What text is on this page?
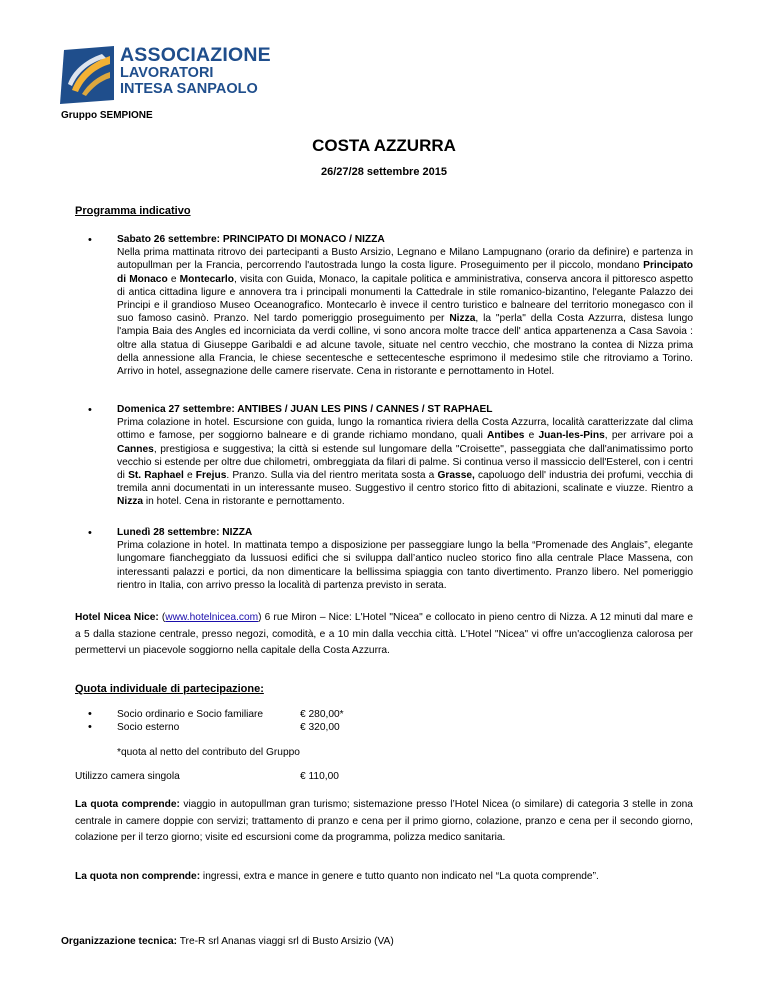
ASSOCIAZIONE
LAVORATORI
INTESA SANPAOLO
Gruppo SEMPIONE
COSTA AZZURRA
26/27/28 settembre 2015
Programma indicativo
• Sabato 26 settembre: PRINCIPATO DI MONACO / NIZZA
Nella prima mattinata ritrovo dei partecipanti a Busto Arsizio, Legnano e Milano Lampugnano (orario da definire) e partenza in autopullman per la Francia, percorrendo l'autostrada lungo la costa ligure. Proseguimento per il piccolo, mondano Principato di Monaco e Montecarlo, visita con Guida, Monaco, la capitale politica e amministrativa, conserva ancora il pittoresco aspetto di antica cittadina ligure e annovera tra i principali monumenti la Cattedrale in stile romanico-bizantino, l'elegante Palazzo dei Principi e il grandioso Museo Oceanografico. Montecarlo è invece il centro turistico e balneare del territorio monegasco con il suo famoso casinò. Pranzo. Nel tardo pomeriggio proseguimento per Nizza, la "perla" della Costa Azzurra, distesa lungo l'ampia Baia des Angles ed incorniciata da verdi colline, vi sono ancora molte tracce dell' antica appartenenza a Casa Savoia : oltre alla statua di Giuseppe Garibaldi e ad alcune tavole, situate nel centro vecchio, che mostrano la contea di Nizza prima della annessione alla Francia, le chiese secentesche e settecentesche esprimono il medesimo stile che ritroviamo a Torino. Arrivo in hotel, assegnazione delle camere riservate. Cena in ristorante e pernottamento in Hotel.
• Domenica 27 settembre: ANTIBES / JUAN LES PINS / CANNES / ST RAPHAEL
Prima colazione in hotel. Escursione con guida, lungo la romantica riviera della Costa Azzurra, località caratterizzate dal clima ottimo e famose, per soggiorno balneare e di grande richiamo mondano, quali Antibes e Juan-les-Pins, per arrivare poi a Cannes, prestigiosa e suggestiva; la città si estende sul lungomare della "Croisette", passeggiata che dall'animatissimo porto vecchio si estende per oltre due chilometri, ombreggiata da filari di palme. Si continua verso il massiccio dell'Esterel, con i centri di St. Raphael e Frejus. Pranzo. Sulla via del rientro meritata sosta a Grasse, capoluogo dell' industria dei profumi, vecchia di tremila anni documentati in un interessante museo. Suggestivo il centro storico fitto di abitazioni, scalinate e viuzze. Rientro a Nizza in hotel. Cena in ristorante e pernottamento.
• Lunedì 28 settembre: NIZZA
Prima colazione in hotel. In mattinata tempo a disposizione per passeggiare lungo la bella “Promenade des Anglais”, elegante lungomare fiancheggiato da lussuosi edifici che si sviluppa dall’antico nucleo storico fino alla centrale Place Massena, con interessanti palazzi e portici, da non dimenticare la bellissima spiaggia con tanto divertimento. Pranzo libero. Nel pomeriggio rientro in Italia, con arrivo presso la località di partenza previsto in serata.
Hotel Nicea Nice: (www.hotelnicea.com) 6 rue Miron – Nice: L'Hotel "Nicea" e collocato in pieno centro di Nizza. A 12 minuti dal mare e a 5 dalla stazione centrale, presso negozi, comodità, e a 10 min dalla vecchia città. L'Hotel "Nicea" vi offre un'accoglienza calorosa per permettervi un piacevole soggiorno nella capitale della Costa Azzurra.
Quota individuale di partecipazione:
• Socio ordinario e Socio familiare	€ 280,00*
• Socio esterno	€ 320,00
*quota al netto del contributo del Gruppo
Utilizzo camera singola	€ 110,00
La quota comprende: viaggio in autopullman gran turismo; sistemazione presso l’Hotel Nicea (o similare) di categoria 3 stelle in zona centrale in camere doppie con servizi; trattamento di pranzo e cena per il primo giorno, colazione, pranzo e cena per il secondo giorno, colazione per il terzo giorno; visite ed escursioni come da programma, polizza medico sanitaria.
La quota non comprende: ingressi, extra e mance in genere e tutto quanto non indicato nel “La quota comprende”.
Organizzazione tecnica: Tre-R srl Ananas viaggi srl di Busto Arsizio (VA)
